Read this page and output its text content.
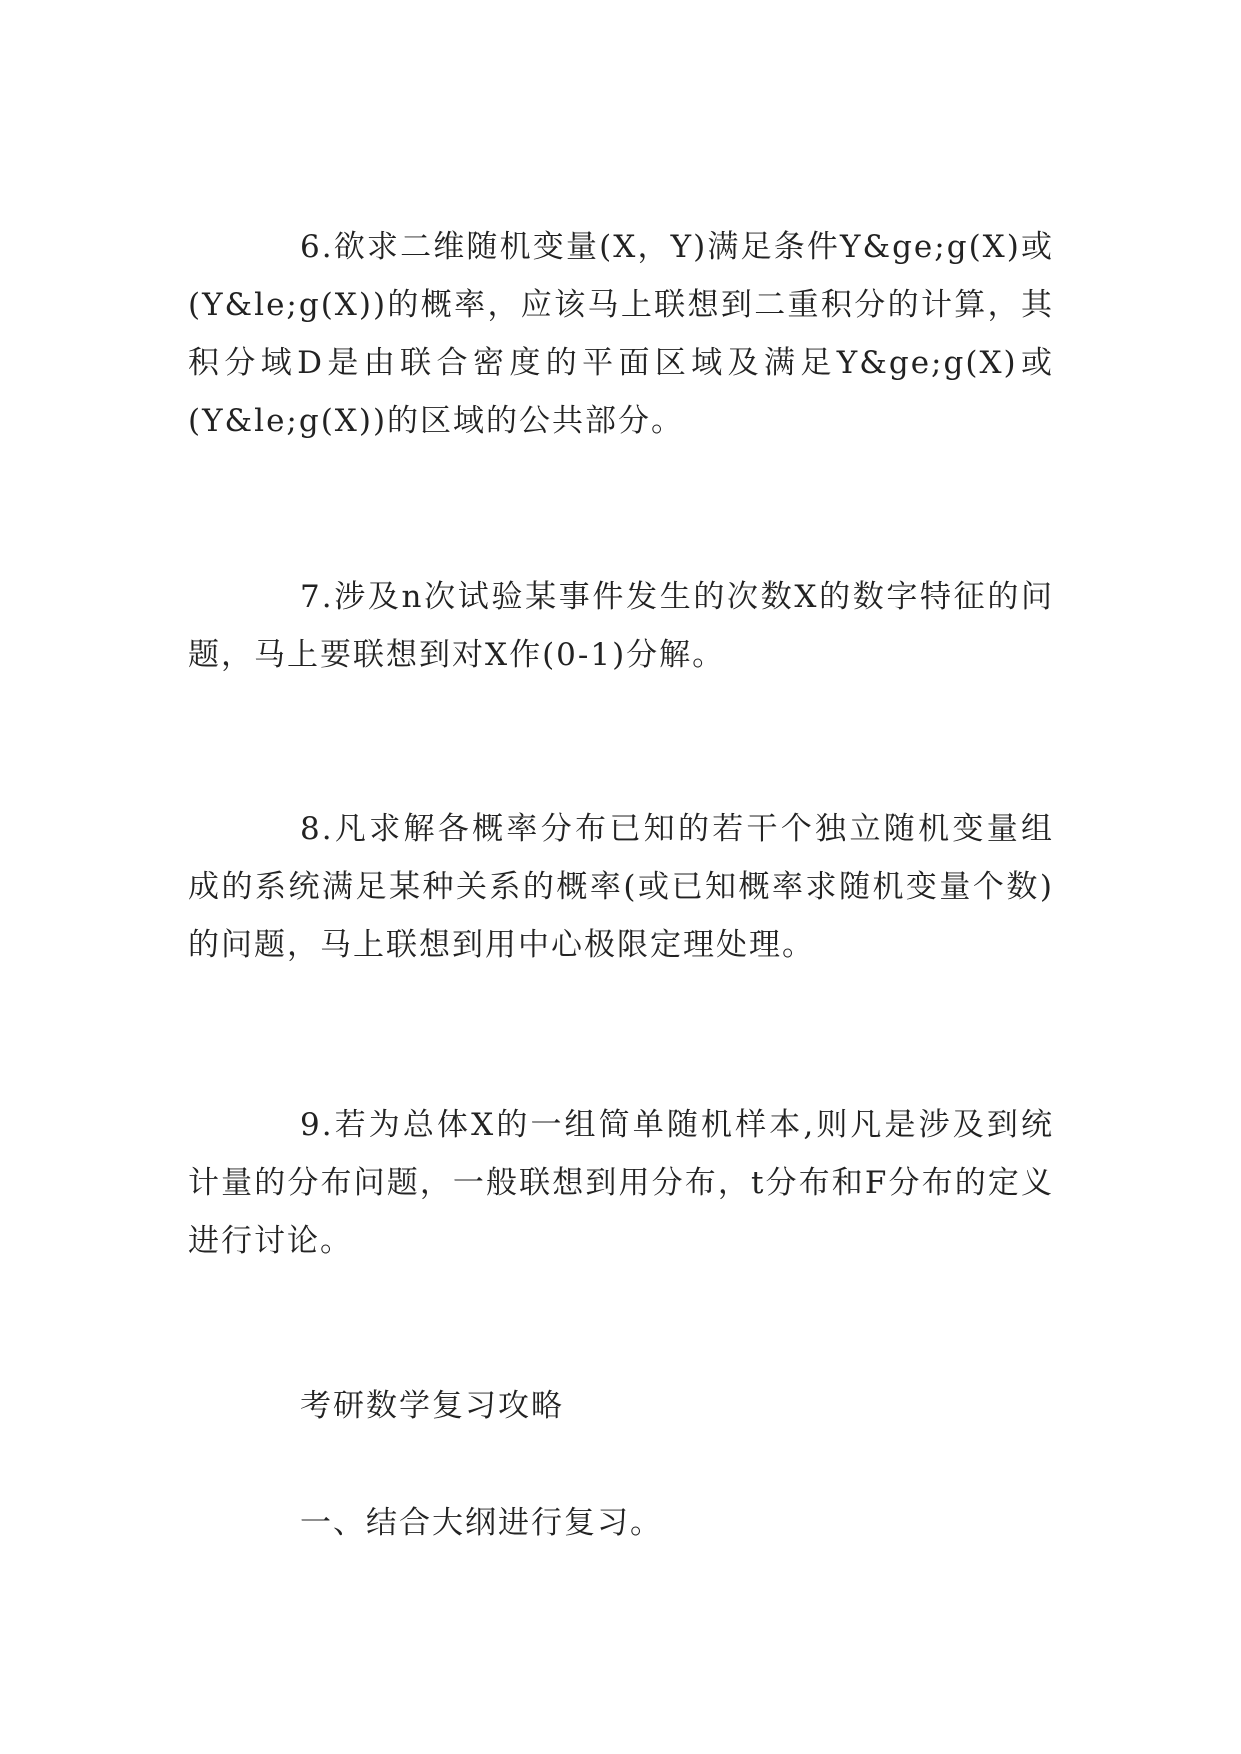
6.欲求二维随机变量(X，Y)满足条件Y&ge;g(X)或(Y&le;g(X))的概率，应该马上联想到二重积分的计算，其积分域D是由联合密度的平面区域及满足Y&ge;g(X)或(Y&le;g(X))的区域的公共部分。

7.涉及n次试验某事件发生的次数X的数字特征的问题，马上要联想到对X作(0-1)分解。

8.凡求解各概率分布已知的若干个独立随机变量组成的系统满足某种关系的概率(或已知概率求随机变量个数)的问题，马上联想到用中心极限定理处理。

9.若为总体X的一组简单随机样本,则凡是涉及到统计量的分布问题，一般联想到用分布，t分布和F分布的定义进行讨论。

考研数学复习攻略

一、结合大纲进行复习。
